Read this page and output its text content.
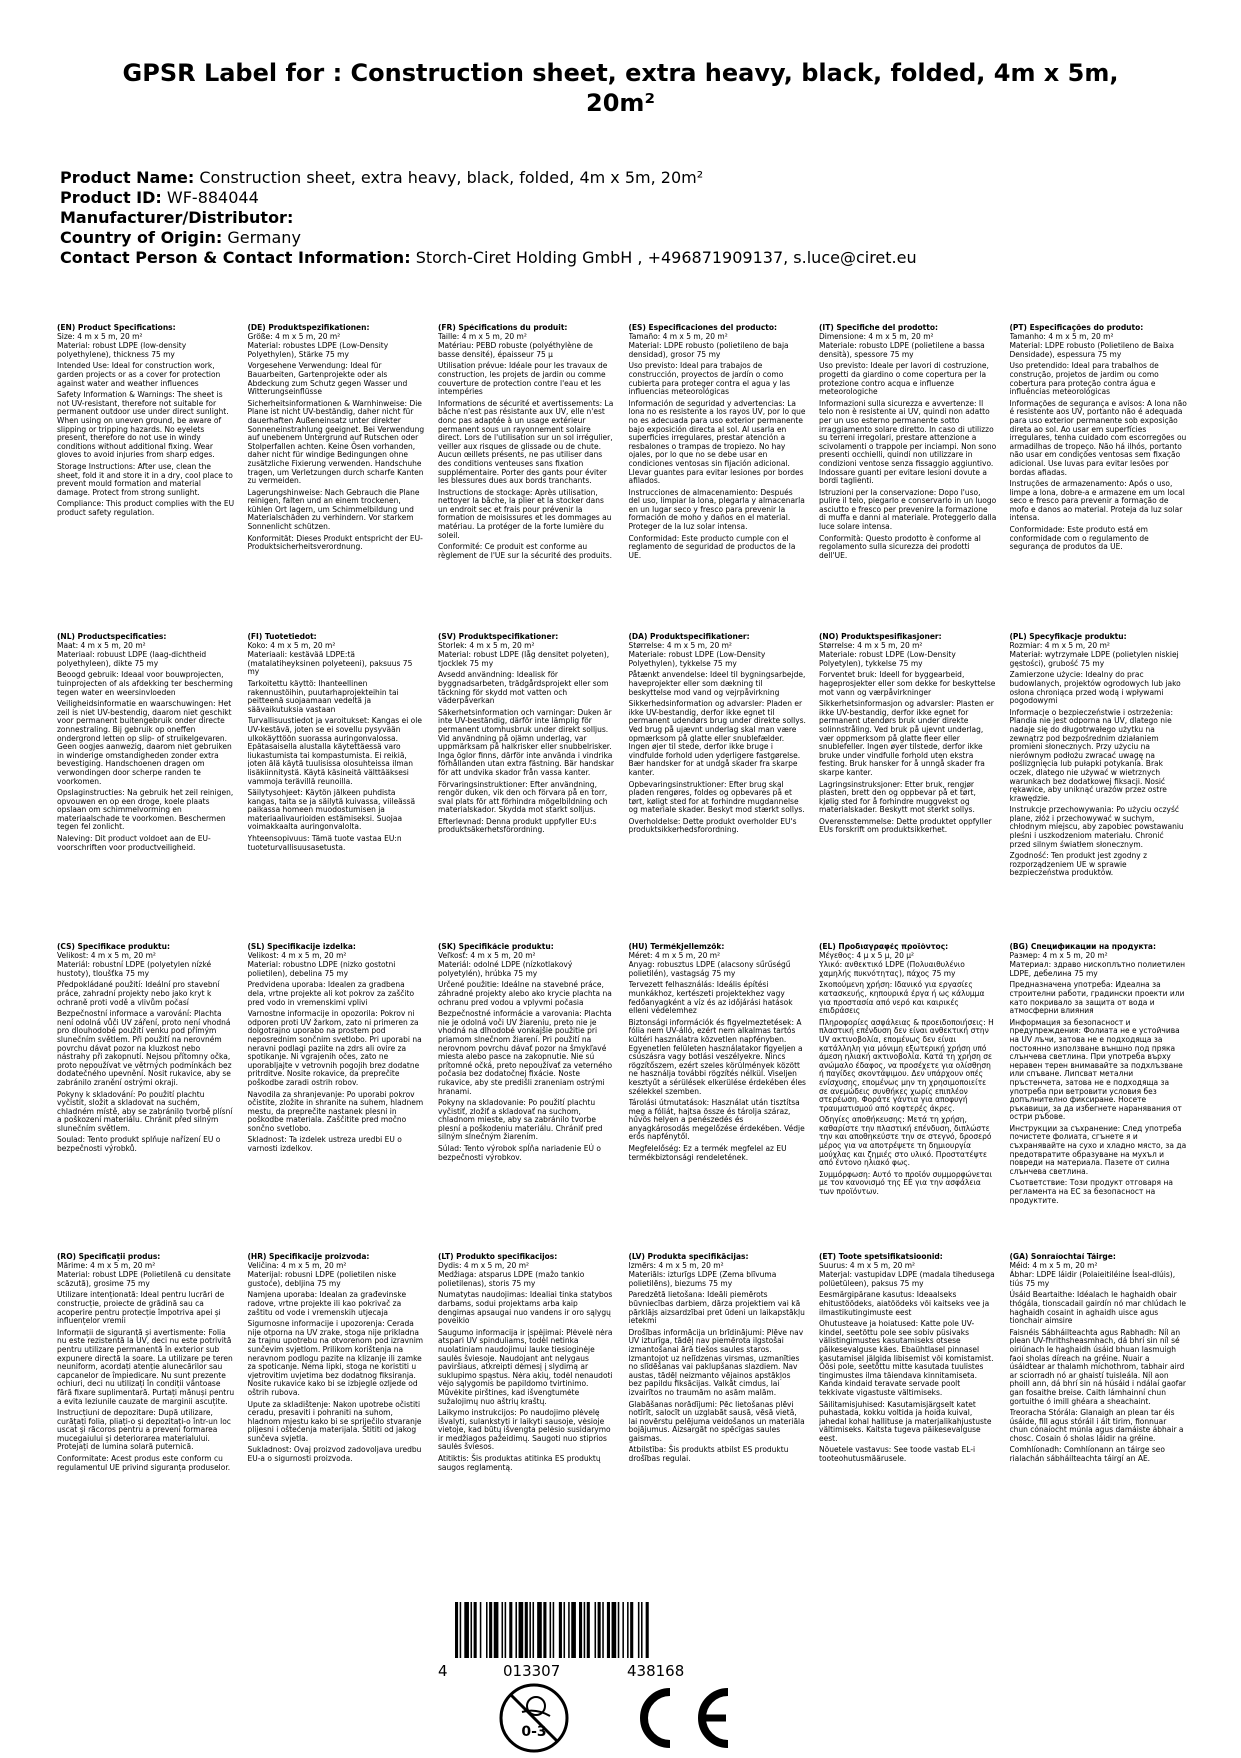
GPSR Label for : Construction sheet, extra heavy, black, folded, 4m x 5m, 20m²
Product Name: Construction sheet, extra heavy, black, folded, 4m x 5m, 20m²
Product ID: WF-884044
Manufacturer/Distributor:
Country of Origin: Germany
Contact Person & Contact Information: Storch-Ciret Holding GmbH , +496871909137, s.luce@ciret.eu

(EN) Product Specifications:

Size: 4 m x 5 m, 20 m²

Material: robust LDPE (low-density polyethylene), thickness 75 my

Intended Use: Ideal for construction work, garden projects or as a cover for protection against water and weather influences

Safety Information & Warnings: The sheet is not UV-resistant, therefore not suitable for permanent outdoor use under direct sunlight. When using on uneven ground, be aware of slipping or tripping hazards. No eyelets present, therefore do not use in windy conditions without additional fixing. Wear gloves to avoid injuries from sharp edges.

Storage Instructions: After use, clean the sheet, fold it and store it in a dry, cool place to prevent mould formation and material damage. Protect from strong sunlight.

Compliance: This product complies with the EU product safety regulation.

(DE) Produktspezifikationen:

Größe: 4 m x 5 m, 20 m²

Material: robustes LDPE (Low-Density Polyethylen), Stärke 75 my

Vorgesehene Verwendung: Ideal für Bauarbeiten, Gartenprojekte oder als Abdeckung zum Schutz gegen Wasser und Witterungseinflüsse

Sicherheitsinformationen & Warnhinweise: Die Plane ist nicht UV-beständig, daher nicht für dauerhaften Außeneinsatz unter direkter Sonneneinstrahlung geeignet. Bei Verwendung auf unebenem Untergrund auf Rutschen oder Stolperfallen achten. Keine Ösen vorhanden, daher nicht für windige Bedingungen ohne zusätzliche Fixierung verwenden. Handschuhe tragen, um Verletzungen durch scharfe Kanten zu vermeiden.

Lagerungshinweise: Nach Gebrauch die Plane reinigen, falten und an einem trockenen, kühlen Ort lagern, um Schimmelbildung und Materialschäden zu verhindern. Vor starkem Sonnenlicht schützen.

Konformität: Dieses Produkt entspricht der EU-Produktsicherheitsverordnung.

(FR) Spécifications du produit:

Taille: 4 m x 5 m, 20 m²

Matériau: PEBD robuste (polyéthylène de basse densité), épaisseur 75 µ

Utilisation prévue: Idéale pour les travaux de construction, les projets de jardin ou comme couverture de protection contre l'eau et les intempéries

Informations de sécurité et avertissements: La bâche n'est pas résistante aux UV, elle n'est donc pas adaptée à un usage extérieur permanent sous un rayonnement solaire direct. Lors de l'utilisation sur un sol irrégulier, veiller aux risques de glissade ou de chute. Aucun œillets présents, ne pas utiliser dans des conditions venteuses sans fixation supplémentaire. Porter des gants pour éviter les blessures dues aux bords tranchants.

Instructions de stockage: Après utilisation, nettoyer la bâche, la plier et la stocker dans un endroit sec et frais pour prévenir la formation de moisissures et les dommages au matériau. La protéger de la forte lumière du soleil.

Conformité: Ce produit est conforme au règlement de l'UE sur la sécurité des produits.

(ES) Especificaciones del producto:

Tamaño: 4 m x 5 m, 20 m²

Material: LDPE robusto (polietileno de baja densidad), grosor 75 my

Uso previsto: Ideal para trabajos de construcción, proyectos de jardín o como cubierta para proteger contra el agua y las influencias meteorológicas

Información de seguridad y advertencias: La lona no es resistente a los rayos UV, por lo que no es adecuada para uso exterior permanente bajo exposición directa al sol. Al usarla en superficies irregulares, prestar atención a resbalones o trampas de tropiezo. No hay ojales, por lo que no se debe usar en condiciones ventosas sin fijación adicional. Llevar guantes para evitar lesiones por bordes afilados.

Instrucciones de almacenamiento: Después del uso, limpiar la lona, plegarla y almacenarla en un lugar seco y fresco para prevenir la formación de moho y daños en el material. Proteger de la luz solar intensa.

Conformidad: Este producto cumple con el reglamento de seguridad de productos de la UE.

(IT) Specifiche del prodotto:

Dimensione: 4 m x 5 m, 20 m²

Materiale: robusto LDPE (polietilene a bassa densità), spessore 75 my

Uso previsto: Ideale per lavori di costruzione, progetti da giardino o come copertura per la protezione contro acqua e influenze meteorologiche

Informazioni sulla sicurezza e avvertenze: Il telo non è resistente ai UV, quindi non adatto per un uso esterno permanente sotto irraggiamento solare diretto. In caso di utilizzo su terreni irregolari, prestare attenzione a scivolamenti o trappole per inciampi. Non sono presenti occhielli, quindi non utilizzare in condizioni ventose senza fissaggio aggiuntivo. Indossare guanti per evitare lesioni dovute a bordi taglienti.

Istruzioni per la conservazione: Dopo l'uso, pulire il telo, piegarlo e conservarlo in un luogo asciutto e fresco per prevenire la formazione di muffa e danni al materiale. Proteggerlo dalla luce solare intensa.

Conformità: Questo prodotto è conforme al regolamento sulla sicurezza dei prodotti dell'UE.

(PT) Especificações do produto:

Tamanho: 4 m x 5 m, 20 m²

Material: LDPE robusto (Polietileno de Baixa Densidade), espessura 75 my

Uso pretendido: Ideal para trabalhos de construção, projetos de jardim ou como cobertura para proteção contra água e influências meteorológicas

Informações de segurança e avisos: A lona não é resistente aos UV, portanto não é adequada para uso exterior permanente sob exposição direta ao sol. Ao usar em superfícies irregulares, tenha cuidado com escorregões ou armadilhas de tropeço. Não há ilhós, portanto não usar em condições ventosas sem fixação adicional. Use luvas para evitar lesões por bordas afiadas.

Instruções de armazenamento: Após o uso, limpe a lona, dobre-a e armazene em um local seco e fresco para prevenir a formação de mofo e danos ao material. Proteja da luz solar intensa.

Conformidade: Este produto está em conformidade com o regulamento de segurança de produtos da UE.

(NL) Productspecificaties:

Maat: 4 m x 5 m, 20 m²

Materiaal: robuust LDPE (laag-dichtheid polyethyleen), dikte 75 my

Beoogd gebruik: Ideaal voor bouwprojecten, tuinprojecten of als afdekking ter bescherming tegen water en weersinvloeden

Veiligheidsinformatie en waarschuwingen: Het zeil is niet UV-bestendig, daarom niet geschikt voor permanent buitengebruik onder directe zonnestraling. Bij gebruik op oneffen ondergrond letten op slip- of struikelgevaren. Geen oogjes aanwezig, daarom niet gebruiken in winderige omstandigheden zonder extra bevestiging. Handschoenen dragen om verwondingen door scherpe randen te voorkomen.

Opslaginstructies: Na gebruik het zeil reinigen, opvouwen en op een droge, koele plaats opslaan om schimmelvorming en materiaalschade te voorkomen. Beschermen tegen fel zonlicht.

Naleving: Dit product voldoet aan de EU-voorschriften voor productveiligheid.

(FI) Tuotetiedot:

Koko: 4 m x 5 m, 20 m²

Materiaali: kestävää LDPE:tä (matalatiheyksinen polyeteeni), paksuus 75 my

Tarkoitettu käyttö: Ihanteellinen rakennustöihin, puutarhaprojekteihin tai peitteenä suojaamaan vedeltä ja säävaikutuksia vastaan

Turvallisuustiedot ja varoitukset: Kangas ei ole UV-kestävä, joten se ei sovellu pysyvään ulkokäyttöön suorassa auringonvalossa. Epätasaisella alustalla käytettäessä varo liukastumista tai kompastumista. Ei reikiä, joten älä käytä tuulisissa olosuhteissa ilman lisäkiinnitystä. Käytä käsineitä välttääksesi vammoja terävillä reunoilla.

Säilytysohjeet: Käytön jälkeen puhdista kangas, taita se ja säilytä kuivassa, viileässä paikassa homeen muodostumisen ja materiaalivaurioiden estämiseksi. Suojaa voimakkaalta auringonvalolta.

Yhteensopivuus: Tämä tuote vastaa EU:n tuoteturvallisuusasetusta.

(SV) Produktspecifikationer:

Storlek: 4 m x 5 m, 20 m²

Material: robust LDPE (låg densitet polyeten), tjocklek 75 my

Avsedd användning: Idealisk för byggnadsarbeten, trädgårdsprojekt eller som täckning för skydd mot vatten och väderpåverkan

Säkerhetsinformation och varningar: Duken är inte UV-beständig, därför inte lämplig för permanent utomhusbruk under direkt solljus. Vid användning på ojämn underlag, var uppmärksam på halkrisker eller snubbelrisker. Inga öglor finns, därför inte använda i vindrika förhållanden utan extra fästning. Bär handskar för att undvika skador från vassa kanter.

Förvaringsinstruktioner: Efter användning, rengör duken, vik den och förvara på en torr, sval plats för att förhindra mögelbildning och materialskador. Skydda mot starkt solljus.

Efterlevnad: Denna produkt uppfyller EU:s produktsäkerhetsförordning.

(DA) Produktspecifikationer:

Størrelse: 4 m x 5 m, 20 m²

Materiale: robust LDPE (Low-Density Polyethylen), tykkelse 75 my

Påtænkt anvendelse: Ideel til bygningsarbejde, haveprojekter eller som dækning til beskyttelse mod vand og vejrpåvirkning

Sikkerhedsinformation og advarsler: Pladen er ikke UV-bestandig, derfor ikke egnet til permanent udendørs brug under direkte sollys. Ved brug på ujævnt underlag skal man være opmærksom på glatte eller snublefælder. Ingen øjer til stede, derfor ikke bruge i vindfulde forhold uden yderligere fastgørelse. Bær handsker for at undgå skader fra skarpe kanter.

Opbevaringsinstruktioner: Efter brug skal pladen rengøres, foldes og opbevares på et tørt, køligt sted for at forhindre mugdannelse og materiale skader. Beskyt mod stærkt sollys.

Overholdelse: Dette produkt overholder EU's produktsikkerhedsforordning.

(NO) Produktspesifikasjoner:

Størrelse: 4 m x 5 m, 20 m²

Materiale: robust LDPE (Low-Density Polyetylen), tykkelse 75 my

Forventet bruk: Ideell for byggearbeid, hageprosjekter eller som dekke for beskyttelse mot vann og værpåvirkninger

Sikkerhetsinformasjon og advarsler: Plasten er ikke UV-bestandig, derfor ikke egnet for permanent utendørs bruk under direkte solinnstråling. Ved bruk på ujevnt underlag, vær oppmerksom på glatte fleer eller snublefeller. Ingen øyer tilstede, derfor ikke bruke under vindfulle forhold uten ekstra festing. Bruk hansker for å unngå skader fra skarpe kanter.

Lagringsinstruksjoner: Etter bruk, rengjør plasten, brett den og oppbevar på et tørt, kjølig sted for å forhindre muggvekst og materialskader. Beskytt mot sterkt sollys.

Overensstemmelse: Dette produktet oppfyller EUs forskrift om produktsikkerhet.

(PL) Specyfikacje produktu:

Rozmiar: 4 m x 5 m, 20 m²

Materiał: wytrzymałe LDPE (polietylen niskiej gęstości), grubość 75 my

Zamierzone użycie: Idealny do prac budowlanych, projektów ogrodowych lub jako osłona chroniąca przed wodą i wpływami pogodowymi

Informacje o bezpieczeństwie i ostrzeżenia: Plandia nie jest odporna na UV, dlatego nie nadaje się do długotrwałego użytku na zewnątrz pod bezpośrednim działaniem promieni słonecznych. Przy użyciu na nierównym podłożu zwracać uwagę na poślizgnięcia lub pułapki potykania. Brak oczek, dlatego nie używać w wietrznych warunkach bez dodatkowej fiksacji. Nosić rękawice, aby uniknąć urazów przez ostre krawędzie.

Instrukcje przechowywania: Po użyciu oczyść plane, złóż i przechowywać w suchym, chłodnym miejscu, aby zapobiec powstawaniu pleśni i uszkodzeniom materiału. Chronić przed silnym światłem słonecznym.

Zgodność: Ten produkt jest zgodny z rozporządzeniem UE w sprawie bezpieczeństwa produktów.

(CS) Specifikace produktu:

Velikost: 4 m x 5 m, 20 m²

Materiál: robustní LDPE (polyetylen nízké hustoty), tloušťka 75 my

Předpokládané použití: Ideální pro stavební práce, zahradní projekty nebo jako kryt k ochraně proti vodě a vlivům počasí

Bezpečnostní informace a varování: Plachta není odolná vůči UV záření, proto není vhodná pro dlouhodobé použití venku pod přímým slunečním světlem. Při použití na nerovném povrchu dávat pozor na kluzkost nebo nástrahy při zakopnutí. Nejsou přítomny očka, proto nepoužívat ve větrných podmínkách bez dodatečného upevnění. Nosit rukavice, aby se zabránilo zranění ostrými okraji.

Pokyny k skladování: Po použití plachtu vyčistit, složit a skladovat na suchém, chladném místě, aby se zabránilo tvorbě plísní a poškození materiálu. Chránit před silným slunečním světlem.

Soulad: Tento produkt splňuje nařízení EU o bezpečnosti výrobků.

(SL) Specifikacije izdelka:

Velikost: 4 m x 5 m, 20 m²

Material: robustno LDPE (nizko gostotni polietilen), debelina 75 my

Predvidena uporaba: Idealen za gradbena dela, vrtne projekte ali kot pokrov za zaščito pred vodo in vremenskimi vplivi

Varnostne informacije in opozorila: Pokrov ni odporen proti UV žarkom, zato ni primeren za dolgotrajno uporabo na prostem pod neposrednim sončnim svetlobo. Pri uporabi na neravni podlagi paziite na zdrs ali ovire za spotikanje. Ni vgrajenih očes, zato ne uporabljajte v vetrovnih pogojih brez dodatne pritrditve. Nosite rokavice, da preprečite poškodbe zaradi ostrih robov.

Navodila za shranjevanje: Po uporabi pokrov očistite, zložite in shranite na suhem, hladnem mestu, da preprečite nastanek plesni in poškodbe materiala. Zaščitite pred močno sončno svetlobo.

Skladnost: Ta izdelek ustreza uredbi EU o varnosti izdelkov.

(SK) Špecifikácie produktu:

Veľkosť: 4 m x 5 m, 20 m²

Materiál: odolné LDPE (nízkotlakový polyetylén), hrúbka 75 my

Určené použitie: Ideálne na stavebné práce, záhradné projekty alebo ako krycie plachta na ochranu pred vodou a vplyvmi počasia

Bezpečnostné informácie a varovania: Plachta nie je odolná voči UV žiareniu, preto nie je vhodná na dlhodobé vonkajšie použitie pri priamom slnečnom žiarení. Pri použití na nerovnom povrchu dávať pozor na šmykľavé miesta alebo pasce na zakopnutie. Nie sú prítomné očká, preto nepoužívať za veterného počasia bez dodatočnej fixácie. Noste rukavice, aby ste predišli zraneniam ostrými hranami.

Pokyny na skladovanie: Po použití plachtu vyčistiť, zložiť a skladovať na suchom, chladnom mieste, aby sa zabránilo tvorbe plesní a poškodeniu materiálu. Chrániť pred silným slnečným žiarením.

Súlad: Tento výrobok spĺňa nariadenie EÚ o bezpečnosti výrobkov.

(HU) Termékjellemzők:

Méret: 4 m x 5 m, 20 m²

Anyag: robusztus LDPE (alacsony sűrűségű polietilén), vastagság 75 my

Tervezett felhasználás: Ideális építési munkákhoz, kertészeti projektekhez vagy fedőanyagként a víz és az időjárási hatások elleni védelemhez

Biztonsági információk és figyelmeztetések: A fólia nem UV-álló, ezért nem alkalmas tartós kültéri használatra közvetlen napfényben. Egyenetlen felületen használatakor figyeljen a csúszásra vagy botlási veszélyekre. Nincs rögzítőszem, ezért szeles körülmények között ne használja további rögzítés nélkül. Viseljen kesztyűt a sérülések elkerülése érdekében éles szélekkel szemben.

Tárolási útmutatások: Használat után tisztítsa meg a fóliát, hajtsa össze és tárolja száraz, hűvös helyen a penészedés és anyagkárosodás megelőzése érdekében. Védje erős napfénytől.

Megfelelőség: Ez a termék megfelel az EU termékbiztonsági rendeletének.

(EL) Προδιαγραφές προϊόντος:

Μέγεθος: 4 μ x 5 μ, 20 μ²

Υλικό: ανθεκτικό LDPE (Πολυαιθυλένιο χαμηλής πυκνότητας), πάχος 75 my

Σκοπούμενη χρήση: Ιδανικό για εργασίες κατασκευής, κηπουρικά έργα ή ως κάλυμμα για προστασία από νερό και καιρικές επιδράσεις

Πληροφορίες ασφάλειας & προειδοποιήσεις: Η πλαστική επένδυση δεν είναι ανθεκτική στην UV ακτινοβολία, επομένως δεν είναι κατάλληλη για μόνιμη εξωτερική χρήση υπό άμεση ηλιακή ακτινοβολία. Κατά τη χρήση σε ανώμαλο έδαφος, να προσέχετε για ολίσθηση ή παγίδες σκοντάψιμου. Δεν υπάρχουν οπές ενίσχυσης, επομένως μην τη χρησιμοποιείτε σε ανεμώδεις συνθήκες χωρίς επιπλέον στερέωση. Φοράτε γάντια για αποφυγή τραυματισμού από κοφτερές άκρες.

Οδηγίες αποθήκευσης: Μετά τη χρήση, καθαρίστε την πλαστική επένδυση, διπλώστε την και αποθηκεύστε την σε στεγνό, δροσερό μέρος για να αποτρέψετε τη δημιουργία μούχλας και ζημιές στο υλικό. Προστατέψτε από έντονο ηλιακό φως.

Συμμόρφωση: Αυτό το προϊόν συμμορφώνεται με τον κανονισμό της ΕΕ για την ασφάλεια των προϊόντων.

(BG) Спецификации на продукта:

Размер: 4 m x 5 m, 20 m²

Материал: здраво нископлътно полиетилен LDPE, дебелина 75 my

Предназначена употреба: Идеална за строителни работи, градински проекти или като покривало за защита от вода и атмосферни влияния

Информация за безопасност и предупреждения: Фолиата не е устойчива на UV лъчи, затова не е подходяща за постоянно използване външно под пряка слънчева светлина. При употреба върху неравен терен внимавайте за подхлъзване или спъване. Липсват метални пръстенчета, затова не е подходяща за употреба при ветровити условия без допълнително фиксиране. Носете ръкавици, за да избегнете наранявания от остри ръбове.

Инструкции за съхранение: След употреба почистете фолиата, сгънете я и съхранявайте на сухо и хладно място, за да предотвратите образуване на мухъл и повреди на материала. Пазете от силна слънчева светлина.

Съответствие: Този продукт отговаря на регламента на ЕС за безопасност на продуктите.

(RO) Specificații produs:

Mărime: 4 m x 5 m, 20 m²

Material: robust LDPE (Polietilenă cu densitate scăzută), grosime 75 my

Utilizare intenționată: Ideal pentru lucrări de construcție, proiecte de grădină sau ca acoperire pentru protecție împotriva apei și influențelor vremii

Informații de siguranță și avertismente: Folia nu este rezistentă la UV, deci nu este potrivită pentru utilizare permanentă în exterior sub expunere directă la soare. La utilizare pe teren neuniform, acordați atenție alunecărilor sau capcanelor de împiedicare. Nu sunt prezente ochiuri, deci nu utilizați în condiții vântoase fără fixare suplimentară. Purtați mănuși pentru a evita leziunile cauzate de marginii ascuțite.

Instrucțiuni de depozitare: După utilizare, curățați folia, pliați-o și depozitați-o într-un loc uscat și răcoros pentru a preveni formarea mucegaiului și deteriorarea materialului. Protejați de lumina solară puternică.

Conformitate: Acest produs este conform cu regulamentul UE privind siguranța produselor.

(HR) Specifikacije proizvoda:

Veličina: 4 m x 5 m, 20 m²

Materijal: robusni LDPE (polietilen niske gustoće), debljina 75 my

Namjena uporaba: Idealan za građevinske radove, vrtne projekte ili kao pokrivač za zaštitu od vode i vremenskih utjecaja

Sigurnosne informacije i upozorenja: Cerada nije otporna na UV zrake, stoga nije prikladna za trajnu upotrebu na otvorenom pod izravnim sunčevim svjetlom. Prilikom korištenja na neravnom podlogu pazite na klizanje ili zamke za spoticanje. Nema lipki, stoga ne koristiti u vjetrovitim uvjetima bez dodatnog fiksiranja. Nosite rukavice kako bi se izbjegle ozljede od oštrih rubova.

Upute za skladištenje: Nakon upotrebe očistiti ceradu, presaviti i pohraniti na suhom, hladnom mjestu kako bi se spriječilo stvaranje plijesni i oštećenja materijala. Štititi od jakog sunčeva svjetla.

Sukladnost: Ovaj proizvod zadovoljava uredbu EU-a o sigurnosti proizvoda.

(LT) Produkto specifikacijos:

Dydis: 4 m x 5 m, 20 m²

Medžiaga: atsparus LDPE (mažo tankio polietilenas), storis 75 my

Numatytas naudojimas: Idealiai tinka statybos darbams, sodui projektams arba kaip dengimas apsaugai nuo vandens ir oro sąlygų poveikio

Saugumo informacija ir įspėjimai: Plėvelė nėra atspari UV spinduliams, todėl netinka nuolatiniam naudojimui lauke tiesioginėje saulės šviesoje. Naudojant ant nelygaus paviršiaus, atkreipti dėmesį į slydimą ar suklupimo spąstus. Nėra akių, todėl nenaudoti vėjo sąlygomis be papildomo tvirtinimo. Mūvėkite pirštines, kad išvengtumėte sužalojimų nuo aštrių kraštų.

Laikymo instrukcijos: Po naudojimo plėvelę išvalyti, sulankstyti ir laikyti sausoje, vėsioje vietoje, kad būtų išvengta pelėsio susidarymo ir medžiagos pažeidimų. Saugoti nuo stiprios saulės šviesos.

Atitiktis: Šis produktas atitinka ES produktų saugos reglamentą.

(LV) Produkta specifikācijas:

Izmērs: 4 m x 5 m, 20 m²

Materiāls: izturīgs LDPE (Zema blīvuma polietilēns), biezums 75 my

Paredzētā lietošana: Ideāli piemērots būvniecības darbiem, dārza projektiem vai kā pārklājs aizsardzībai pret ūdeni un laikapstākļu ietekmi

Drošības informācija un brīdinājumi: Plēve nav UV izturīga, tādēļ nav piemērota ilgstošai izmantošanai ārā tiešos saules staros. Izmantojot uz nelīdzenas virsmas, uzmanīties no slīdēšanas vai paklupšanas slazdiem. Nav austas, tādēļ neizmanto vējainos apstākļos bez papildu fiksācijas. Valkāt cimdus, lai izvairītos no traumām no asām malām.

Glabāšanas norādījumi: Pēc lietošanas plēvi notīrīt, salocīt un uzglabāt sausā, vēsā vietā, lai novērstu pelējuma veidošanos un materiāla bojājumus. Aizsargāt no spēcīgas saules gaismas.

Atbilstība: Šis produkts atbilst ES produktu drošības regulai.

(ET) Toote spetsifikatsioonid:

Suurus: 4 m x 5 m, 20 m²

Materjal: vastupidav LDPE (madala tihedusega polüetüleen), paksus 75 my

Eesmärgipärane kasutus: Ideaalseks ehitustöödeks, aiatöödeks või kaitseks vee ja ilmastikutingimuste eest

Ohutusteave ja hoiatused: Katte pole UV-kindel, seetõttu pole see sobiv püsivaks välistingimustes kasutamiseks otsese päikesevalguse käes. Ebaühtlasel pinnasel kasutamisel jälgida libisemist või komistamist. Õõsi pole, seetõttu mitte kasutada tuulistes tingimustes ilma täiendava kinnitamiseta. Kanda kindaid teravate servade poolt tekkivate vigastuste vältimiseks.

Säilitamisjuhised: Kasutamisjärgselt katet puhastada, kokku voltida ja hoida kuival, jahedal kohal hallituse ja materjalikahjustuste vältimiseks. Kaitsta tugeva päikesevalguse eest.

Nõuetele vastavus: See toode vastab EL-i tooteohutusmäärusele.

(GA) Sonraíochtaí Táirge:

Méid: 4 m x 5 m, 20 m²

Ábhar: LDPE láidir (Polaieitiléine Íseal-dlúis), tiús 75 my

Úsáid Beartaithe: Idéalach le haghaidh obair thógála, tionscadail gairdín nó mar chlúdach le haghaidh cosaint in aghaidh uisce agus tionchair aimsire

Faisnéis Sábháilteachta agus Rabhadh: Níl an plean UV-fhrithsheasmhach, dá bhrí sin níl sé oiriúnach le haghaidh úsáid bhuan lasmuigh faoi sholas díreach na gréine. Nuair a úsáidtear ar thalamh míchothrom, tabhair aird ar sciorradh nó ar ghaistí tuisleála. Níl aon phoill ann, dá bhrí sin ná húsáid i ndálaí gaofar gan fosaithe breise. Caith lámhainní chun gortuithe ó imill ghéara a sheachaint.

Treoracha Stórála: Glanaigh an plean tar éis úsáide, fill agus stóráil i áit tirim, fionnuar chun cónaíocht múnla agus damáiste ábhair a chosc. Cosain ó sholas láidir na gréine.

Comhlíonadh: Comhlíonann an táirge seo rialachán sábháilteachta táirgí an AE.

4	013307	438168
0-3
